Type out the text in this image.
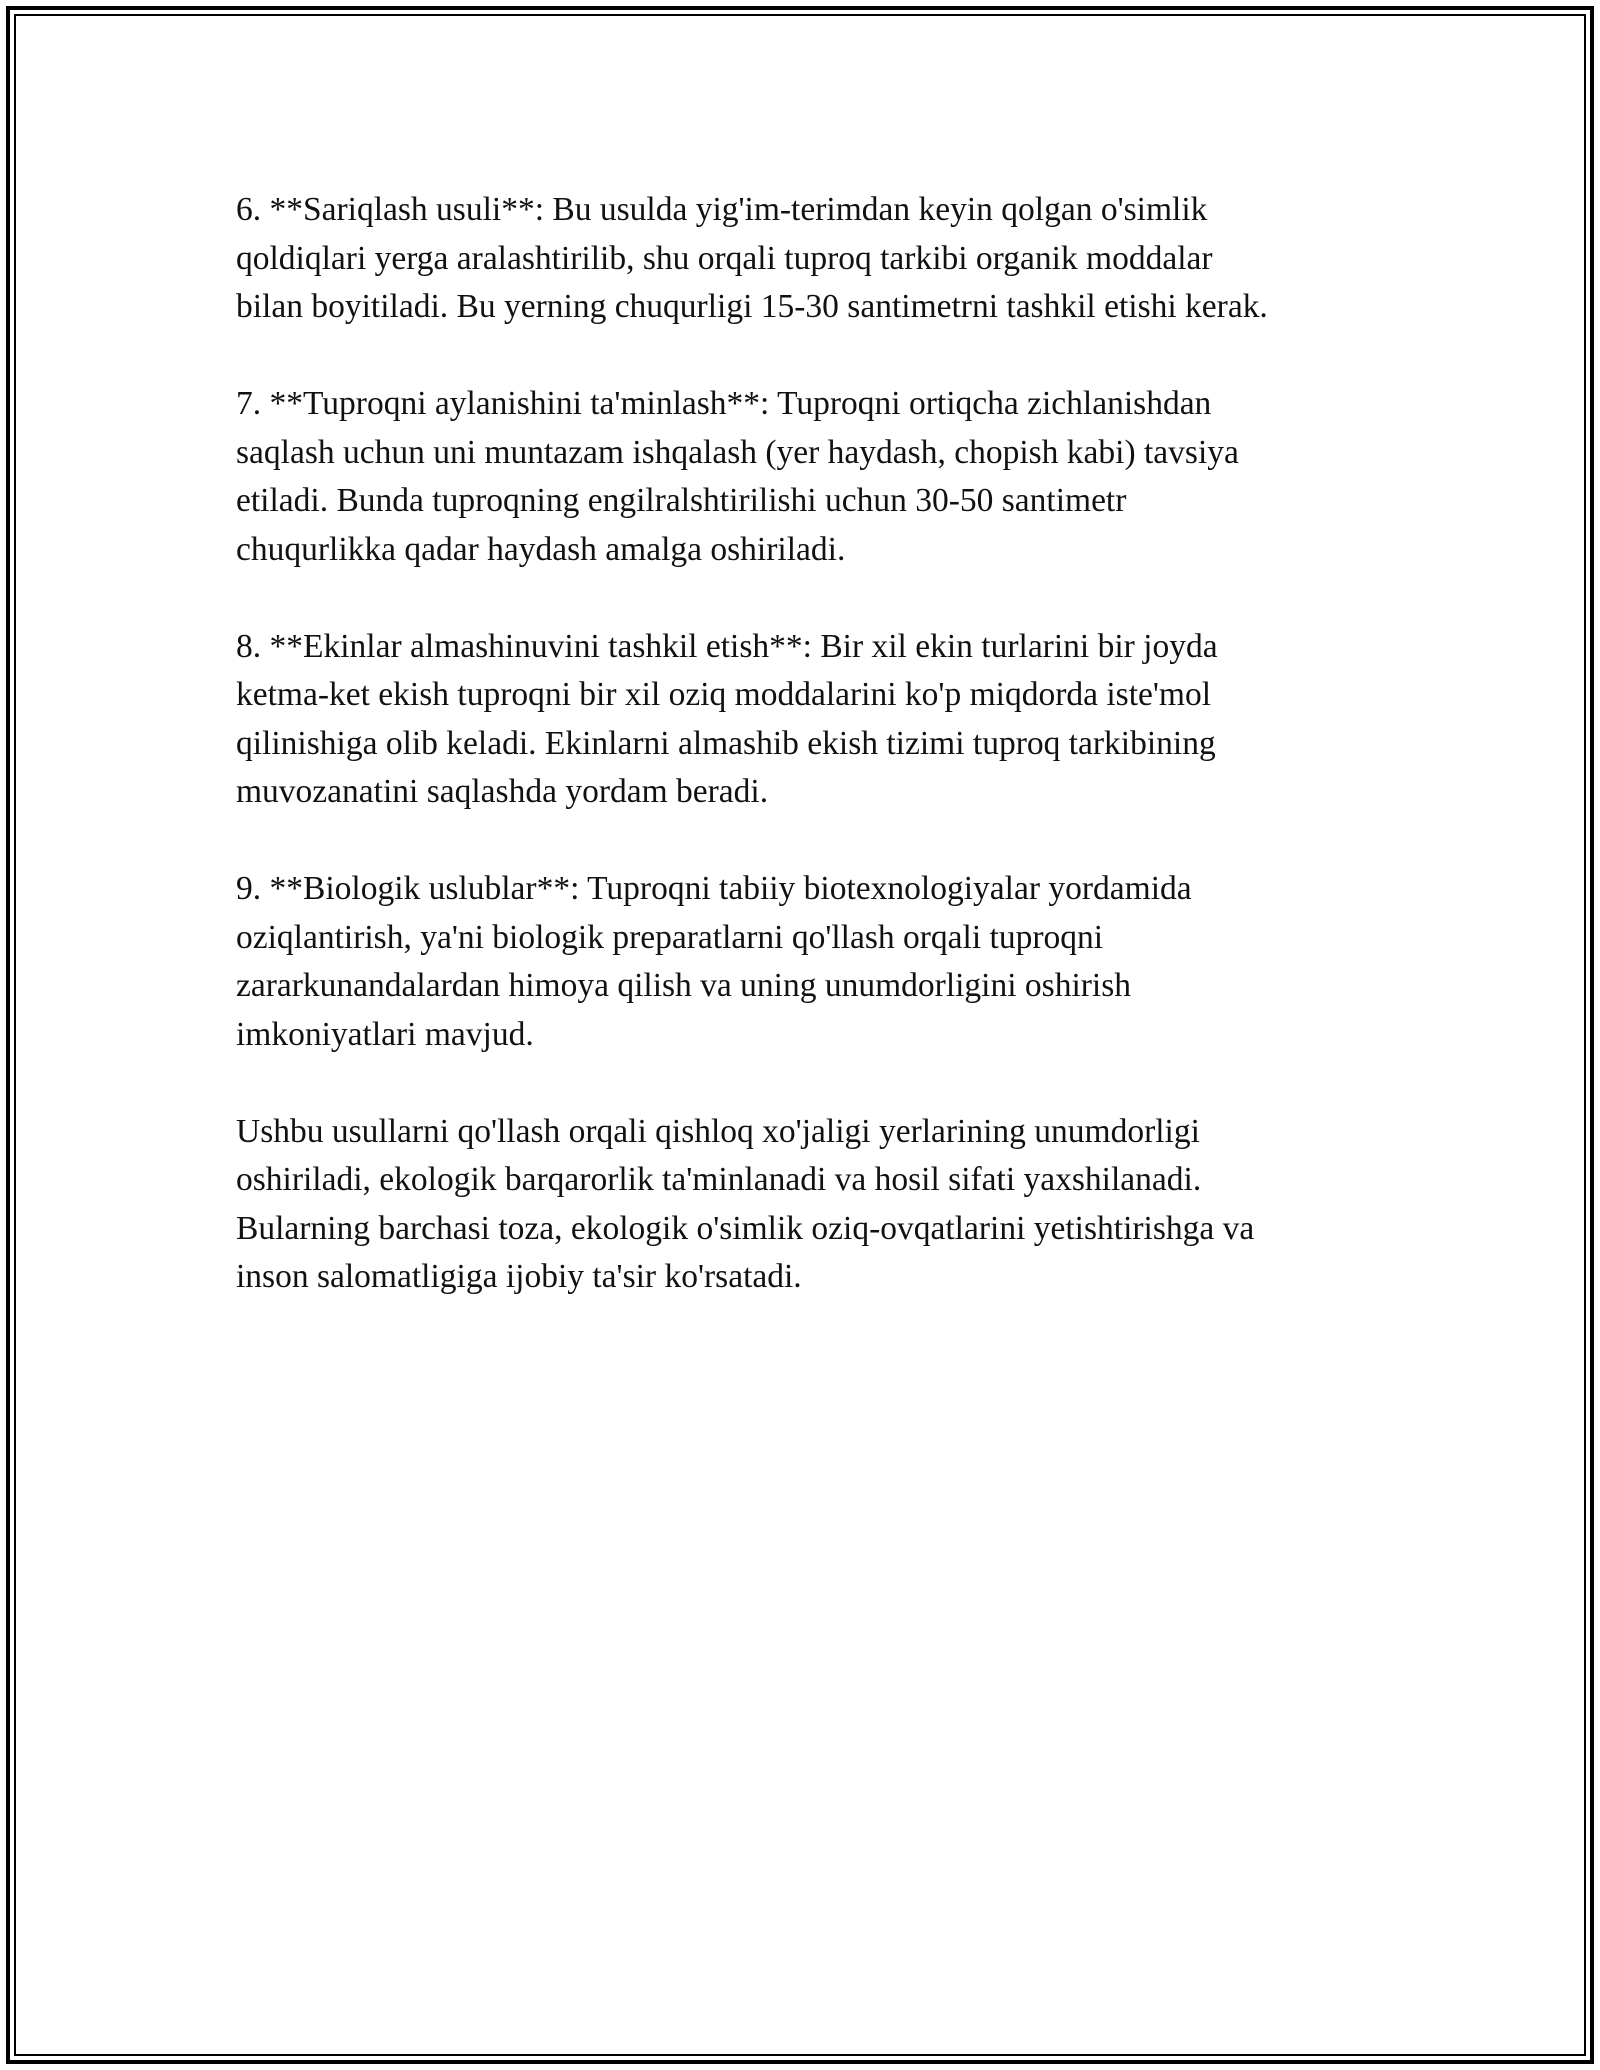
6. **Sariqlash usuli**: Bu usulda yig'im-terimdan keyin qolgan o'simlik
qoldiqlari yerga aralashtirilib, shu orqali tuproq tarkibi organik moddalar
bilan boyitiladi. Bu yerning chuqurligi 15-30 santimetrni tashkil etishi kerak.

7. **Tuproqni aylanishini ta'minlash**: Tuproqni ortiqcha zichlanishdan
saqlash uchun uni muntazam ishqalash (yer haydash, chopish kabi) tavsiya
etiladi. Bunda tuproqning engilralshtirilishi uchun 30-50 santimetr
chuqurlikka qadar haydash amalga oshiriladi.

8. **Ekinlar almashinuvini tashkil etish**: Bir xil ekin turlarini bir joyda
ketma-ket ekish tuproqni bir xil oziq moddalarini ko'p miqdorda iste'mol
qilinishiga olib keladi. Ekinlarni almashib ekish tizimi tuproq tarkibining
muvozanatini saqlashda yordam beradi.

9. **Biologik uslublar**: Tuproqni tabiiy biotexnologiyalar yordamida
oziqlantirish, ya'ni biologik preparatlarni qo'llash orqali tuproqni
zararkunandalardan himoya qilish va uning unumdorligini oshirish
imkoniyatlari mavjud.

Ushbu usullarni qo'llash orqali qishloq xo'jaligi yerlarining unumdorligi
oshiriladi, ekologik barqarorlik ta'minlanadi va hosil sifati yaxshilanadi.
Bularning barchasi toza, ekologik o'simlik oziq-ovqatlarini yetishtirishga va
inson salomatligiga ijobiy ta'sir ko'rsatadi.
